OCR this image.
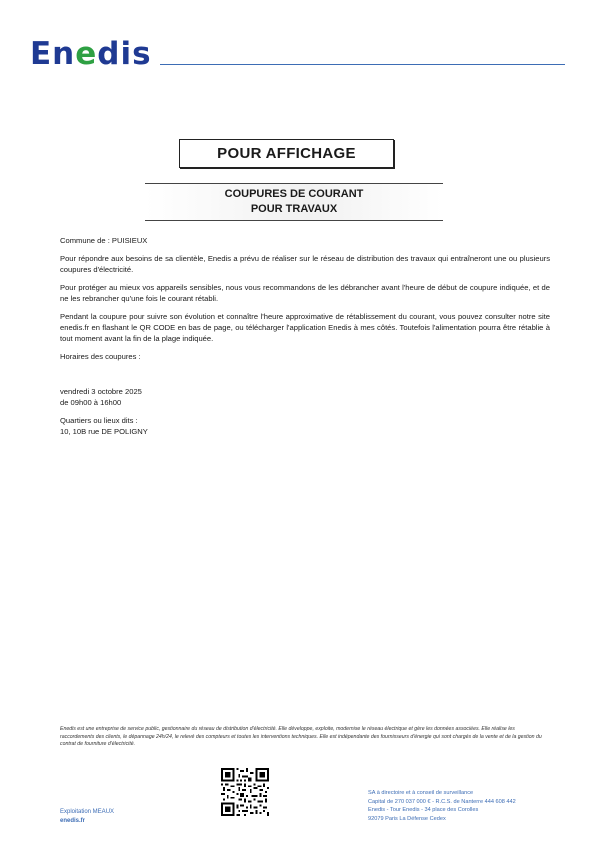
Enedis
POUR AFFICHAGE
COUPURES DE COURANT
POUR TRAVAUX

Commune de : PUISIEUX

Pour répondre aux besoins de sa clientèle, Enedis a prévu de réaliser sur le réseau de distribution des travaux qui entraîneront une ou plusieurs coupures d'électricité.

Pour protéger au mieux vos appareils sensibles, nous vous recommandons de les débrancher avant l'heure de début de coupure indiquée, et de ne les rebrancher qu'une fois le courant rétabli.

Pendant la coupure pour suivre son évolution et connaître l'heure approximative de rétablissement du courant, vous pouvez consulter notre site enedis.fr en flashant le QR CODE en bas de page, ou télécharger l'application Enedis à mes côtés. Toutefois l'alimentation pourra être rétablie à tout moment avant la fin de la plage indiquée.

Horaires des coupures :

vendredi 3 octobre 2025

de 09h00 à 16h00

Quartiers ou lieux dits :

10, 10B rue DE POLIGNY

Enedis est une entreprise de service public, gestionnaire du réseau de distribution d'électricité. Elle développe, exploite, modernise le réseau électrique et gère les données associées. Elle réalise les raccordements des clients, le dépannage 24h/24, le relevé des compteurs et toutes les interventions techniques. Elle est indépendante des fournisseurs d'énergie qui sont chargés de la vente et de la gestion du contrat de fourniture d'électricité.
Exploitation MEAUX
enedis.fr
SA à directoire et à conseil de surveillance
Capital de 270 037 000 € - R.C.S. de Nanterre 444 608 442
Enedis - Tour Enedis - 34 place des Corolles
92079 Paris La Défense Cedex
